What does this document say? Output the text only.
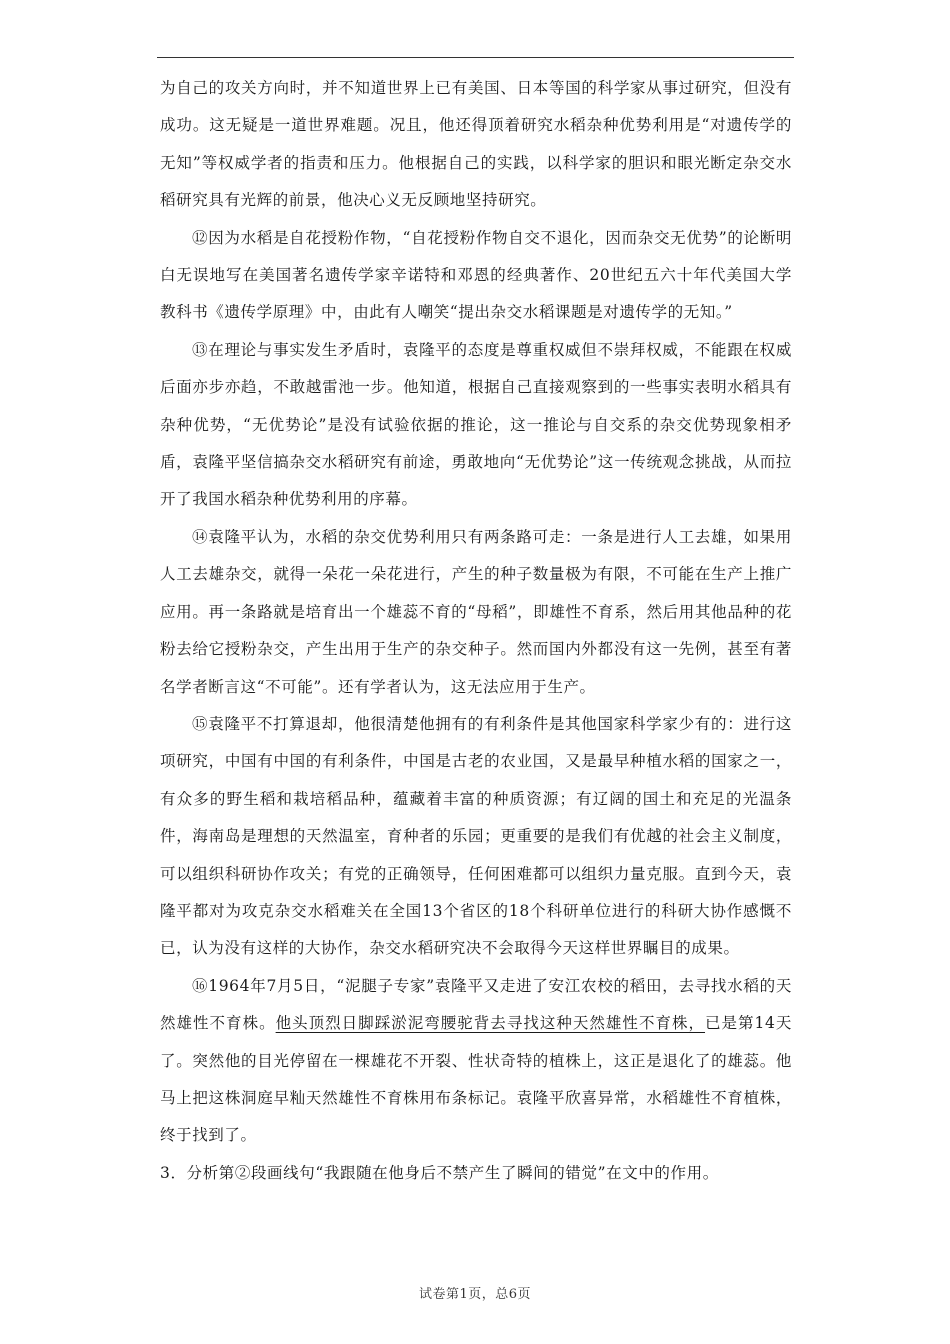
为自己的攻关方向时，并不知道世界上已有美国、日本等国的科学家从事过研究，但没有成功。这无疑是一道世界难题。况且，他还得顶着研究水稻杂种优势利用是“对遗传学的无知”等权威学者的指责和压力。他根据自己的实践，以科学家的胆识和眼光断定杂交水稻研究具有光辉的前景，他决心义无反顾地坚持研究。

⑫因为水稻是自花授粉作物，“自花授粉作物自交不退化，因而杂交无优势”的论断明白无误地写在美国著名遗传学家辛诺特和邓恩的经典著作、20世纪五六十年代美国大学教科书《遗传学原理》中，由此有人嘲笑“提出杂交水稻课题是对遗传学的无知。”

⑬在理论与事实发生矛盾时，袁隆平的态度是尊重权威但不崇拜权威，不能跟在权威后面亦步亦趋，不敢越雷池一步。他知道，根据自己直接观察到的一些事实表明水稻具有杂种优势，“无优势论”是没有试验依据的推论，这一推论与自交系的杂交优势现象相矛盾，袁隆平坚信搞杂交水稻研究有前途，勇敢地向“无优势论”这一传统观念挑战，从而拉开了我国水稻杂种优势利用的序幕。

⑭袁隆平认为，水稻的杂交优势利用只有两条路可走：一条是进行人工去雄，如果用人工去雄杂交，就得一朵花一朵花进行，产生的种子数量极为有限，不可能在生产上推广应用。再一条路就是培育出一个雄蕊不育的“母稻”，即雄性不育系，然后用其他品种的花粉去给它授粉杂交，产生出用于生产的杂交种子。然而国内外都没有这一先例，甚至有著名学者断言这“不可能”。还有学者认为，这无法应用于生产。

⑮袁隆平不打算退却，他很清楚他拥有的有利条件是其他国家科学家少有的：进行这项研究，中国有中国的有利条件，中国是古老的农业国，又是最早种植水稻的国家之一，有众多的野生稻和栽培稻品种，蕴藏着丰富的种质资源；有辽阔的国土和充足的光温条件，海南岛是理想的天然温室，育种者的乐园；更重要的是我们有优越的社会主义制度，可以组织科研协作攻关；有党的正确领导，任何困难都可以组织力量克服。直到今天，袁隆平都对为攻克杂交水稻难关在全国13个省区的18个科研单位进行的科研大协作感慨不已，认为没有这样的大协作，杂交水稻研究决不会取得今天这样世界瞩目的成果。

⑯1964年7月5日，“泥腿子专家”袁隆平又走进了安江农校的稻田，去寻找水稻的天然雄性不育株。他头顶烈日脚踩淤泥弯腰驼背去寻找这种天然雄性不育株，已是第14天了。突然他的目光停留在一棵雄花不开裂、性状奇特的植株上，这正是退化了的雄蕊。他马上把这株洞庭早籼天然雄性不育株用布条标记。袁隆平欣喜异常，水稻雄性不育植株，终于找到了。

3．分析第②段画线句“我跟随在他身后不禁产生了瞬间的错觉”在文中的作用。

试卷第1页，总6页
